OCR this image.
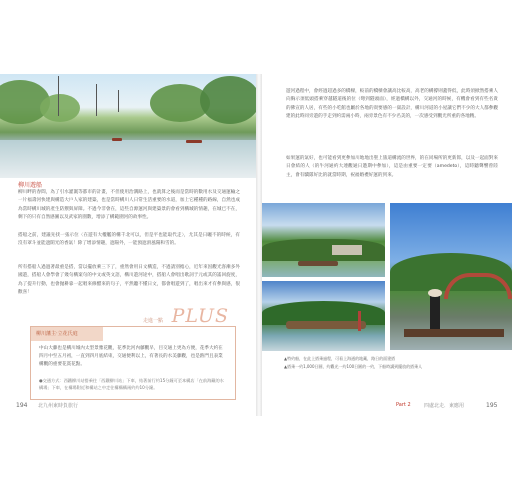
柳川遊船
柳川畔的春間，為了引水灌溉等都市的計畫，不但使用治溝路上，也就算之後而是當時的數用水及交通運輸之一片福壽河快建與構造大戶人家的建築，也是當時構川人日常生活重要的水道，加上它種種的路線，自然也成為當時構川城的產生防禦與屏障。不過今非會在，這些自源運河與建築景的會看到構城的情趣，在城已不在，剩下的只有自然感圖以及武家的園數，增添了構範圍河的故事性。
搭船之前，建議先找一張示位〈在遊有大權艦的構千北可以，但是平也能取代走〉，尤其是日曬不的時候，有沒有罩斗並能遮開光的香氣！除了增添情趣，遮陽外，一能預遮滑風陽和雪的。
所有搭船人過過著最重是搭，當以擺放乘三下了，重然會用日文構造，不過請別擔心，近年來因觀光客漸多外國遊，搭船人會學會了幾句構案句的中文或英文語，構川遊河途中，搭船人會唱出歌詞于元或其的謠回旋度，為了提升行動，也會抛耕靠一起唱來修醋來的句子，平然聽不懂日文，都會唱遊到了，唱出來才有參與感，很歡喜！
PLUS
走進一點
柳川藩主‧立花氏庭
中山大藤也是構川城內太型景雅花觀，花季比河內藤觀早，目交通上更為方便，花季大約在四月中至五月初，一直到四月底結束，交通便利以上，有著長的水美藤觀，也是熱門且表業構觀的重要花賞花點。
●交通方式：西鐵柳川站搭乘往「西鐵柳川站」下車，結著前行約15分鐘可至本構店「在前海藏的水構場」下車，在構場附近和構站之中走往構構構兩約約10分鐘。
遊河過程中，會經過超過多的橋樑，較前的橋樑會讓高比較高，高老的構撐則蓋得低，此時須掀然搭乘人向胸示須低頭搭乘穿越隧道後的位（彎到隧頭面），經過橋構以外，交通河的時候，有機會看到有些名貴的佛宣的人居，有些的小吃館也屬於各地的貴要感的一窩設計，構川河道的小屋讓它們不少的大人都參觀建的此時同旁遊的手走到約需兩小時，兩旁景色有不少名美的，一次感受到觀光所重的各地精。
如果運的氣好，也可能看到更參加川地地出聖上旅道構流的世界，的在同場所的更新郎，以及一起面對來日會結的人（的牛河通約大連觀通日邀期中參加），這是由重要一定要（amedeto），這時聽聲響曾陸主，會有驕隊好比的就當時期，祝福婚禮好運的到來。
▲特約船，在此上搭乘過程，可看上海通的地藏，路日的面建搭
▲搭乘一約1,000日圓，約觀光一約100日圓的一約，下船時講到擺放的搭乘人
194 北九州東時負旅行	Part 2	四處北走．東應用	195
